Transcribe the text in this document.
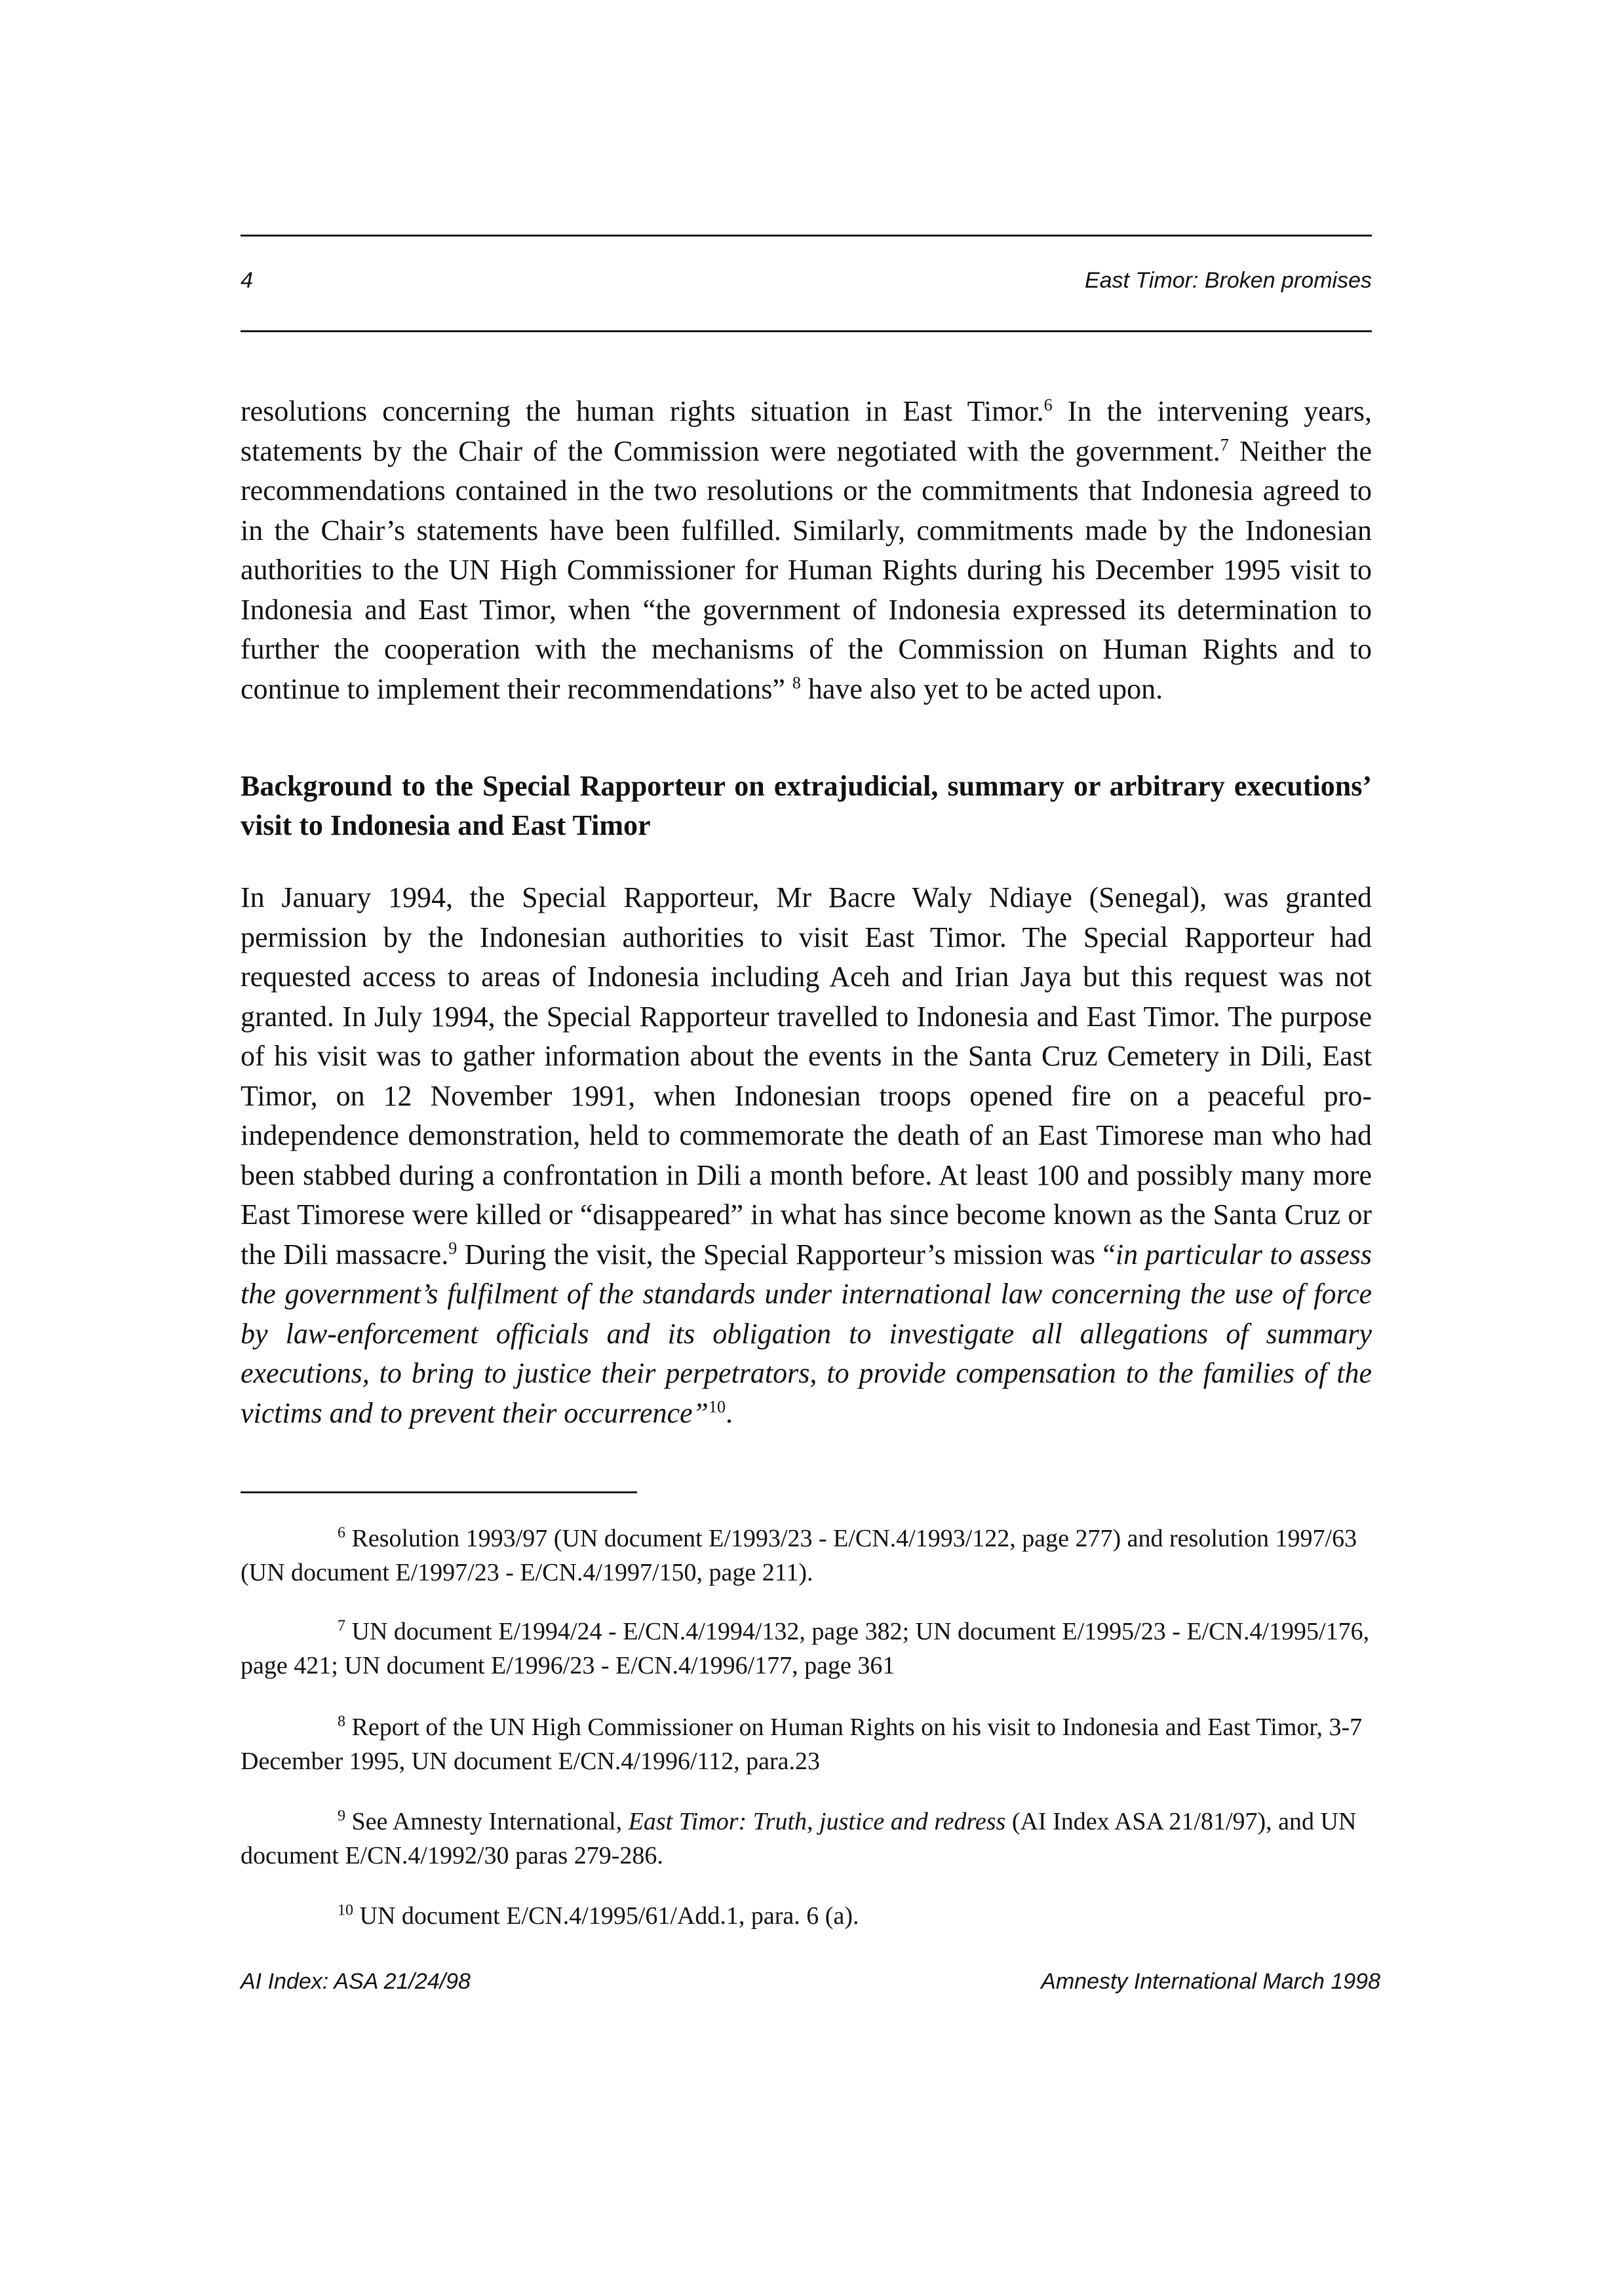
4	East Timor: Broken promises

resolutions concerning the human rights situation in East Timor.$^6$ In the intervening years, statements by the Chair of the Commission were negotiated with the government.$^7$ Neither the recommendations contained in the two resolutions or the commitments that Indonesia agreed to in the Chair’s statements have been fulfilled. Similarly, commitments made by the Indonesian authorities to the UN High Commissioner for Human Rights during his December 1995 visit to Indonesia and East Timor, when “the government of Indonesia expressed its determination to further the cooperation with the mechanisms of the Commission on Human Rights and to continue to implement their recommendations” $^8$ have also yet to be acted upon.

Background to the Special Rapporteur on extrajudicial, summary or arbitrary executions’ visit to Indonesia and East Timor

In January 1994, the Special Rapporteur, Mr Bacre Waly Ndiaye (Senegal), was granted permission by the Indonesian authorities to visit East Timor. The Special Rapporteur had requested access to areas of Indonesia including Aceh and Irian Jaya but this request was not granted. In July 1994, the Special Rapporteur travelled to Indonesia and East Timor. The purpose of his visit was to gather information about the events in the Santa Cruz Cemetery in Dili, East Timor, on 12 November 1991, when Indonesian troops opened fire on a peaceful pro-independence demonstration, held to commemorate the death of an East Timorese man who had been stabbed during a confrontation in Dili a month before. At least 100 and possibly many more East Timorese were killed or “disappeared” in what has since become known as the Santa Cruz or the Dili massacre.$^9$ During the visit, the Special Rapporteur’s mission was “in particular to assess the government’s fulfilment of the standards under international law concerning the use of force by law-enforcement officials and its obligation to investigate all allegations of summary executions, to bring to justice their perpetrators, to provide compensation to the families of the victims and to prevent their occurrence”$^{10}$.

$^6$ Resolution 1993/97 (UN document E/1993/23 - E/CN.4/1993/122, page 277) and resolution 1997/63 (UN document E/1997/23 - E/CN.4/1997/150, page 211).

$^7$ UN document E/1994/24 - E/CN.4/1994/132, page 382; UN document E/1995/23 - E/CN.4/1995/176, page 421; UN document E/1996/23 - E/CN.4/1996/177, page 361

$^8$ Report of the UN High Commissioner on Human Rights on his visit to Indonesia and East Timor, 3-7 December 1995, UN document E/CN.4/1996/112, para.23

$^9$ See Amnesty International, East Timor: Truth, justice and redress (AI Index ASA 21/81/97), and UN document E/CN.4/1992/30 paras 279-286.

$^{10}$ UN document E/CN.4/1995/61/Add.1, para. 6 (a).

AI Index: ASA 21/24/98	Amnesty International March 1998
